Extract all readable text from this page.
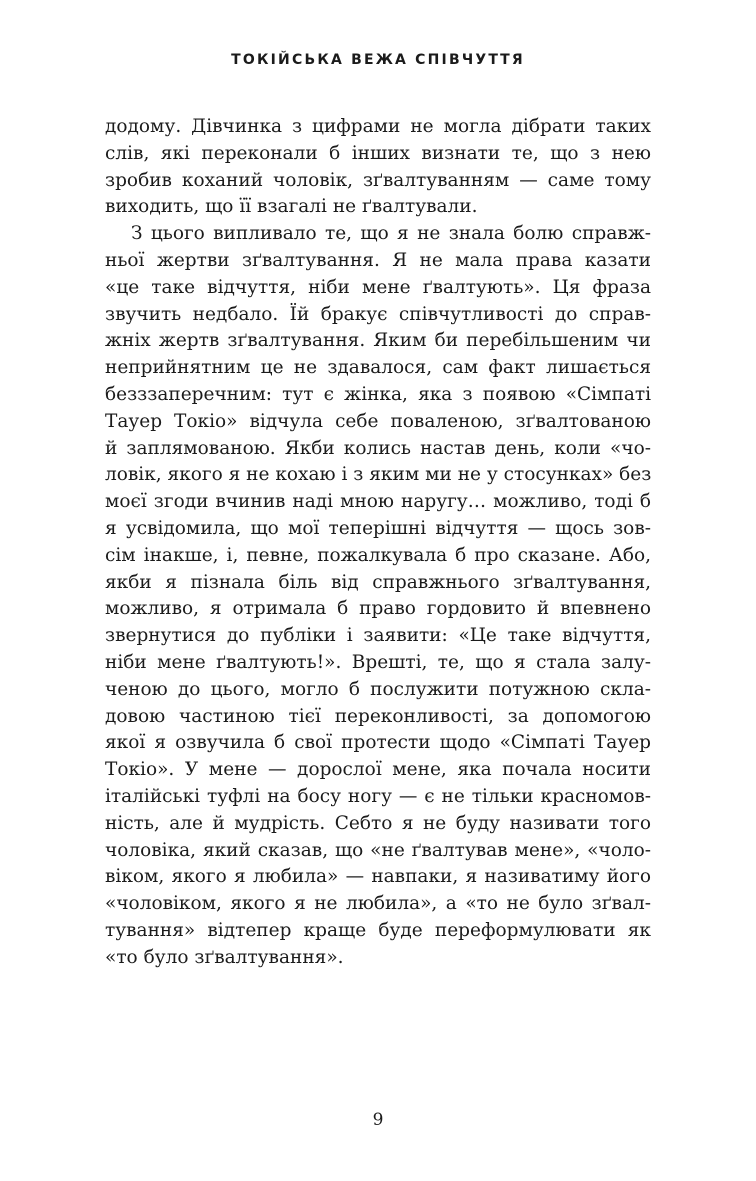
ТОКІЙСЬКА ВЕЖА СПІВЧУТТЯ
додому. Дівчинка з цифрами не могла дібрати таких
слів, які переконали б інших визнати те, що з нею
зробив коханий чоловік, зґвалтуванням — саме тому
виходить, що її взагалі не ґвалтували.
З цього випливало те, що я не знала болю справж-
ньої жертви зґвалтування. Я не мала права казати
«це таке відчуття, ніби мене ґвалтують». Ця фраза
звучить недбало. Їй бракує співчутливості до справ-
жніх жертв зґвалтування. Яким би перебільшеним чи
неприйнятним це не здавалося, сам факт лишається
безззаперечним: тут є жінка, яка з появою «Сімпаті
Тауер Токіо» відчула себе поваленою, зґвалтованою
й заплямованою. Якби колись настав день, коли «чо-
ловік, якого я не кохаю і з яким ми не у стосунках» без
моєї згоди вчинив наді мною наругу… можливо, тоді б
я усвідомила, що мої теперішні відчуття — щось зов-
сім інакше, і, певне, пожалкувала б про сказане. Або,
якби я пізнала біль від справжнього зґвалтування,
можливо, я отримала б право гордовито й впевнено
звернутися до публіки і заявити: «Це таке відчуття,
ніби мене ґвалтують!». Врешті, те, що я стала залу-
ченою до цього, могло б послужити потужною скла-
довою частиною тієї переконливості, за допомогою
якої я озвучила б свої протести щодо «Сімпаті Тауер
Токіо». У мене — дорослої мене, яка почала носити
італійські туфлі на босу ногу — є не тільки красномов-
ність, але й мудрість. Себто я не буду називати того
чоловіка, який сказав, що «не ґвалтував мене», «чоло-
віком, якого я любила» — навпаки, я називатиму його
«чоловіком, якого я не любила», а «то не було зґвал-
тування» відтепер краще буде переформулювати як
«то було зґвалтування».
9
